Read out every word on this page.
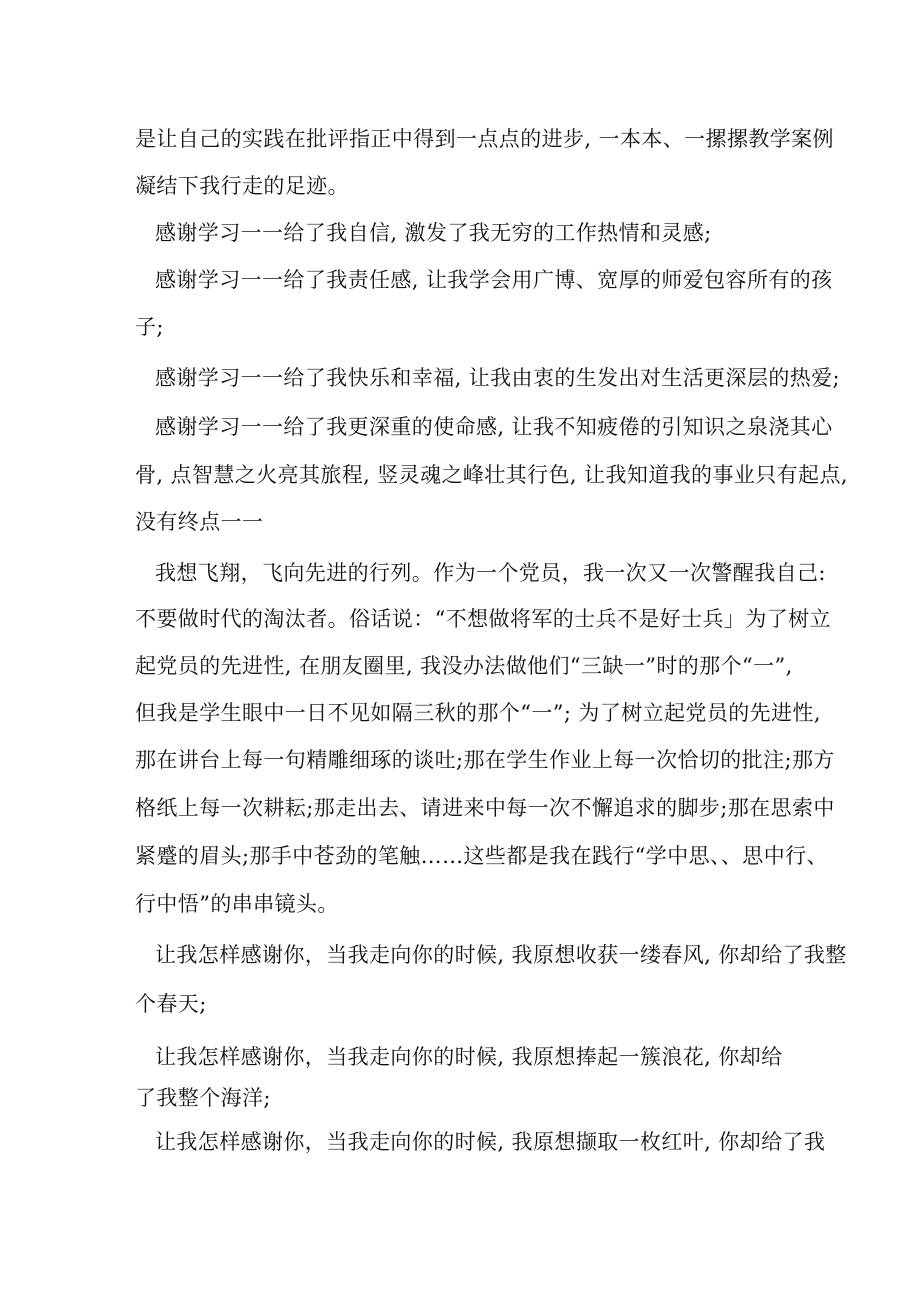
是让自己的实践在批评指正中得到一点点的进步, 一本本、一摞摞教学案例
凝结下我行走的足迹。
感谢学习一一给了我自信, 激发了我无穷的工作热情和灵感;
感谢学习一一给了我责任感, 让我学会用广博、宽厚的师爱包容所有的孩
子;
感谢学习一一给了我快乐和幸福, 让我由衷的生发出对生活更深层的热爱;
感谢学习一一给了我更深重的使命感, 让我不知疲倦的引知识之泉浇其心
骨, 点智慧之火亮其旅程, 竖灵魂之峰壮其行色, 让我知道我的事业只有起点,
没有终点一一
我想飞翔，飞向先进的行列。作为一个党员，我一次又一次警醒我自己:
不要做时代的淘汰者。俗话说：“不想做将军的士兵不是好士兵」为了树立
起党员的先进性, 在朋友圈里, 我没办法做他们“三缺一”时的那个“一”,
但我是学生眼中一日不见如隔三秋的那个“一”; 为了树立起党员的先进性,
那在讲台上每一句精雕细琢的谈吐;那在学生作业上每一次恰切的批注;那方
格纸上每一次耕耘;那走出去、请进来中每一次不懈追求的脚步;那在思索中
紧蹙的眉头;那手中苍劲的笔触……这些都是我在践行“学中思、、思中行、
行中悟”的串串镜头。
让我怎样感谢你，当我走向你的时候, 我原想收获一缕春风, 你却给了我整
个春天;
让我怎样感谢你，当我走向你的时候, 我原想捧起一簇浪花, 你却给
了我整个海洋;
让我怎样感谢你，当我走向你的时候, 我原想撷取一枚红叶, 你却给了我
